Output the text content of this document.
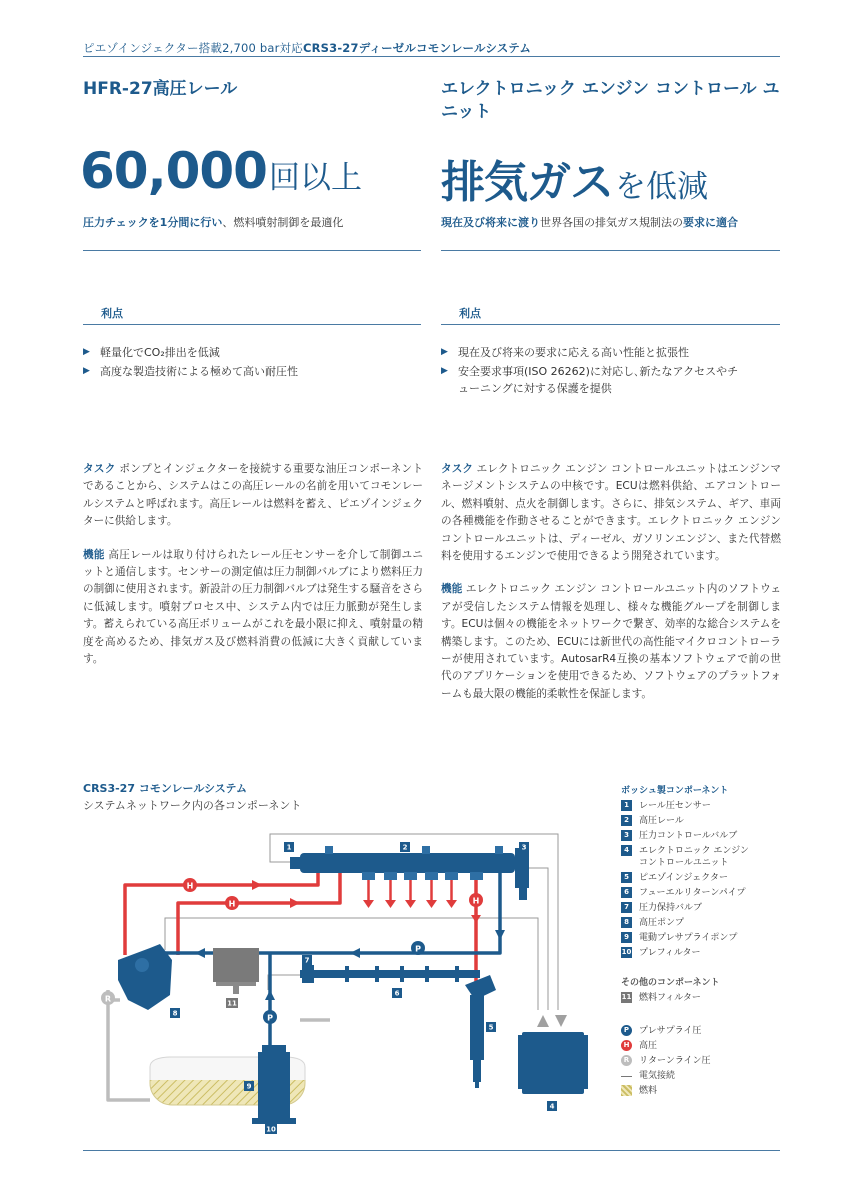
ピエゾインジェクター搭載2,700 bar対応CRS3-27ディーゼルコモンレールシステム
HFR-27高圧レール
60,000回以上
圧力チェックを1分間に行い、燃料噴射制御を最適化
利点
▶ 軽量化でCO₂排出を低減
▶ 高度な製造技術による極めて高い耐圧性

タスク ポンプとインジェクターを接続する重要な油圧コンポーネントであることから、システムはこの高圧レールの名前を用いてコモンレールシステムと呼ばれます。高圧レールは燃料を蓄え、ピエゾインジェクターに供給します。

機能 高圧レールは取り付けられたレール圧センサーを介して制御ユニットと通信します。センサーの測定値は圧力制御バルブにより燃料圧力の制御に使用されます。新設計の圧力制御バルブは発生する騒音をさらに低減します。噴射プロセス中、システム内では圧力脈動が発生します。蓄えられている高圧ボリュームがこれを最小限に抑え、噴射量の精度を高めるため、排気ガス及び燃料消費の低減に大きく貢献しています。

エレクトロニック エンジン コントロール ユニット
排気ガスを低減
現在及び将来に渡り世界各国の排気ガス規制法の要求に適合
利点
▶ 現在及び将来の要求に応える高い性能と拡張性
▶ 安全要求事項(ISO 26262)に対応し､新たなアクセスやチューニングに対する保護を提供

タスク エレクトロニック エンジン コントロールユニットはエンジンマネージメントシステムの中核です。ECUは燃料供給、エアコントロール、燃料噴射、点火を制御します。さらに、排気システム、ギア、車両の各種機能を作動させることができます。エレクトロニック エンジン コントロールユニットは、ディーゼル、ガソリンエンジン、また代替燃料を使用するエンジンで使用できるよう開発されています。

機能 エレクトロニック エンジン コントロールユニット内のソフトウェアが受信したシステム情報を処理し、様々な機能グループを制御します。ECUは個々の機能をネットワークで繋ぎ、効率的な総合システムを構築します。このため、ECUには新世代の高性能マイクロコントローラーが使用されています。AutosarR4互換の基本ソフトウェアで前の世代のアプリケーションを使用できるため、ソフトウェアのプラットフォームも最大限の機能的柔軟性を保証します。

CRS3-27 コモンレールシステム
システムネットワーク内の各コンポーネント
H
H	H
P
P
R
1	2	3
4
5
6
7
8
9
10
11
ボッシュ製コンポーネント
1	レール圧センサー
2	高圧レール
3	圧力コントロールバルブ
4	エレクトロニック エンジン コントロールユニット
5	ピエゾインジェクター
6	フューエルリターンパイプ
7	圧力保持バルブ
8	高圧ポンプ
9	電動プレサプライポンプ
10 プレフィルター
その他のコンポーネント
11 燃料フィルター
P	プレサプライ圧
H 高圧
R	リターンライン圧
電気接続
燃料
